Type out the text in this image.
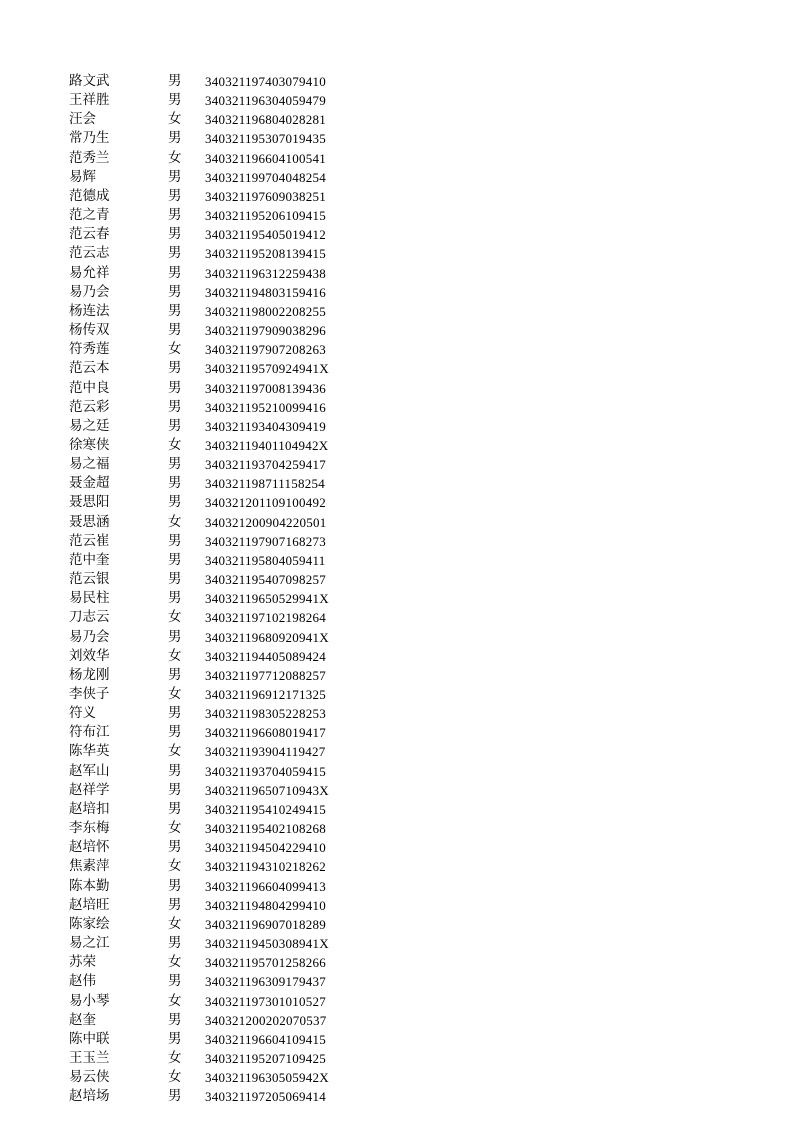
路文武	男 340321197403079410
王祥胜	男 340321196304059479
汪会	女 340321196804028281
常乃生	男 340321195307019435
范秀兰	女 340321196604100541
易辉	男 340321199704048254
范德成	男 340321197609038251
范之青	男 340321195206109415
范云春	男 340321195405019412
范云志	男 340321195208139415
易允祥	男 340321196312259438
易乃会	男 340321194803159416
杨连法	男 340321198002208255
杨传双	男 340321197909038296
符秀莲	女 340321197907208263
范云本	男 34032119570924941X
范中良	男 340321197008139436
范云彩	男 340321195210099416
易之廷	男 340321193404309419
徐寒侠	女 34032119401104942X
易之福	男 340321193704259417
聂金超	男 340321198711158254
聂思阳	男 340321201109100492
聂思涵	女 340321200904220501
范云崔	男 340321197907168273
范中奎	男 340321195804059411
范云银	男 340321195407098257
易民柱	男 34032119650529941X
刀志云	女 340321197102198264
易乃会	男 34032119680920941X
刘效华	女 340321194405089424
杨龙刚	男 340321197712088257
李侠子	女 340321196912171325
符义	男 340321198305228253
符布江	男 340321196608019417
陈华英	女 340321193904119427
赵军山	男 340321193704059415
赵祥学	男 34032119650710943X
赵培扣	男 340321195410249415
李东梅	女 340321195402108268
赵培怀	男 340321194504229410
焦素萍	女 340321194310218262
陈本勤	男 340321196604099413
赵培旺	男 340321194804299410
陈家绘	女 340321196907018289
易之江	男 34032119450308941X
苏荣	女 340321195701258266
赵伟	男 340321196309179437
易小琴	女 340321197301010527
赵奎	男 340321200202070537
陈中联	男 340321196604109415
王玉兰	女 340321195207109425
易云侠	女 34032119630505942X
赵培场	男 340321197205069414
